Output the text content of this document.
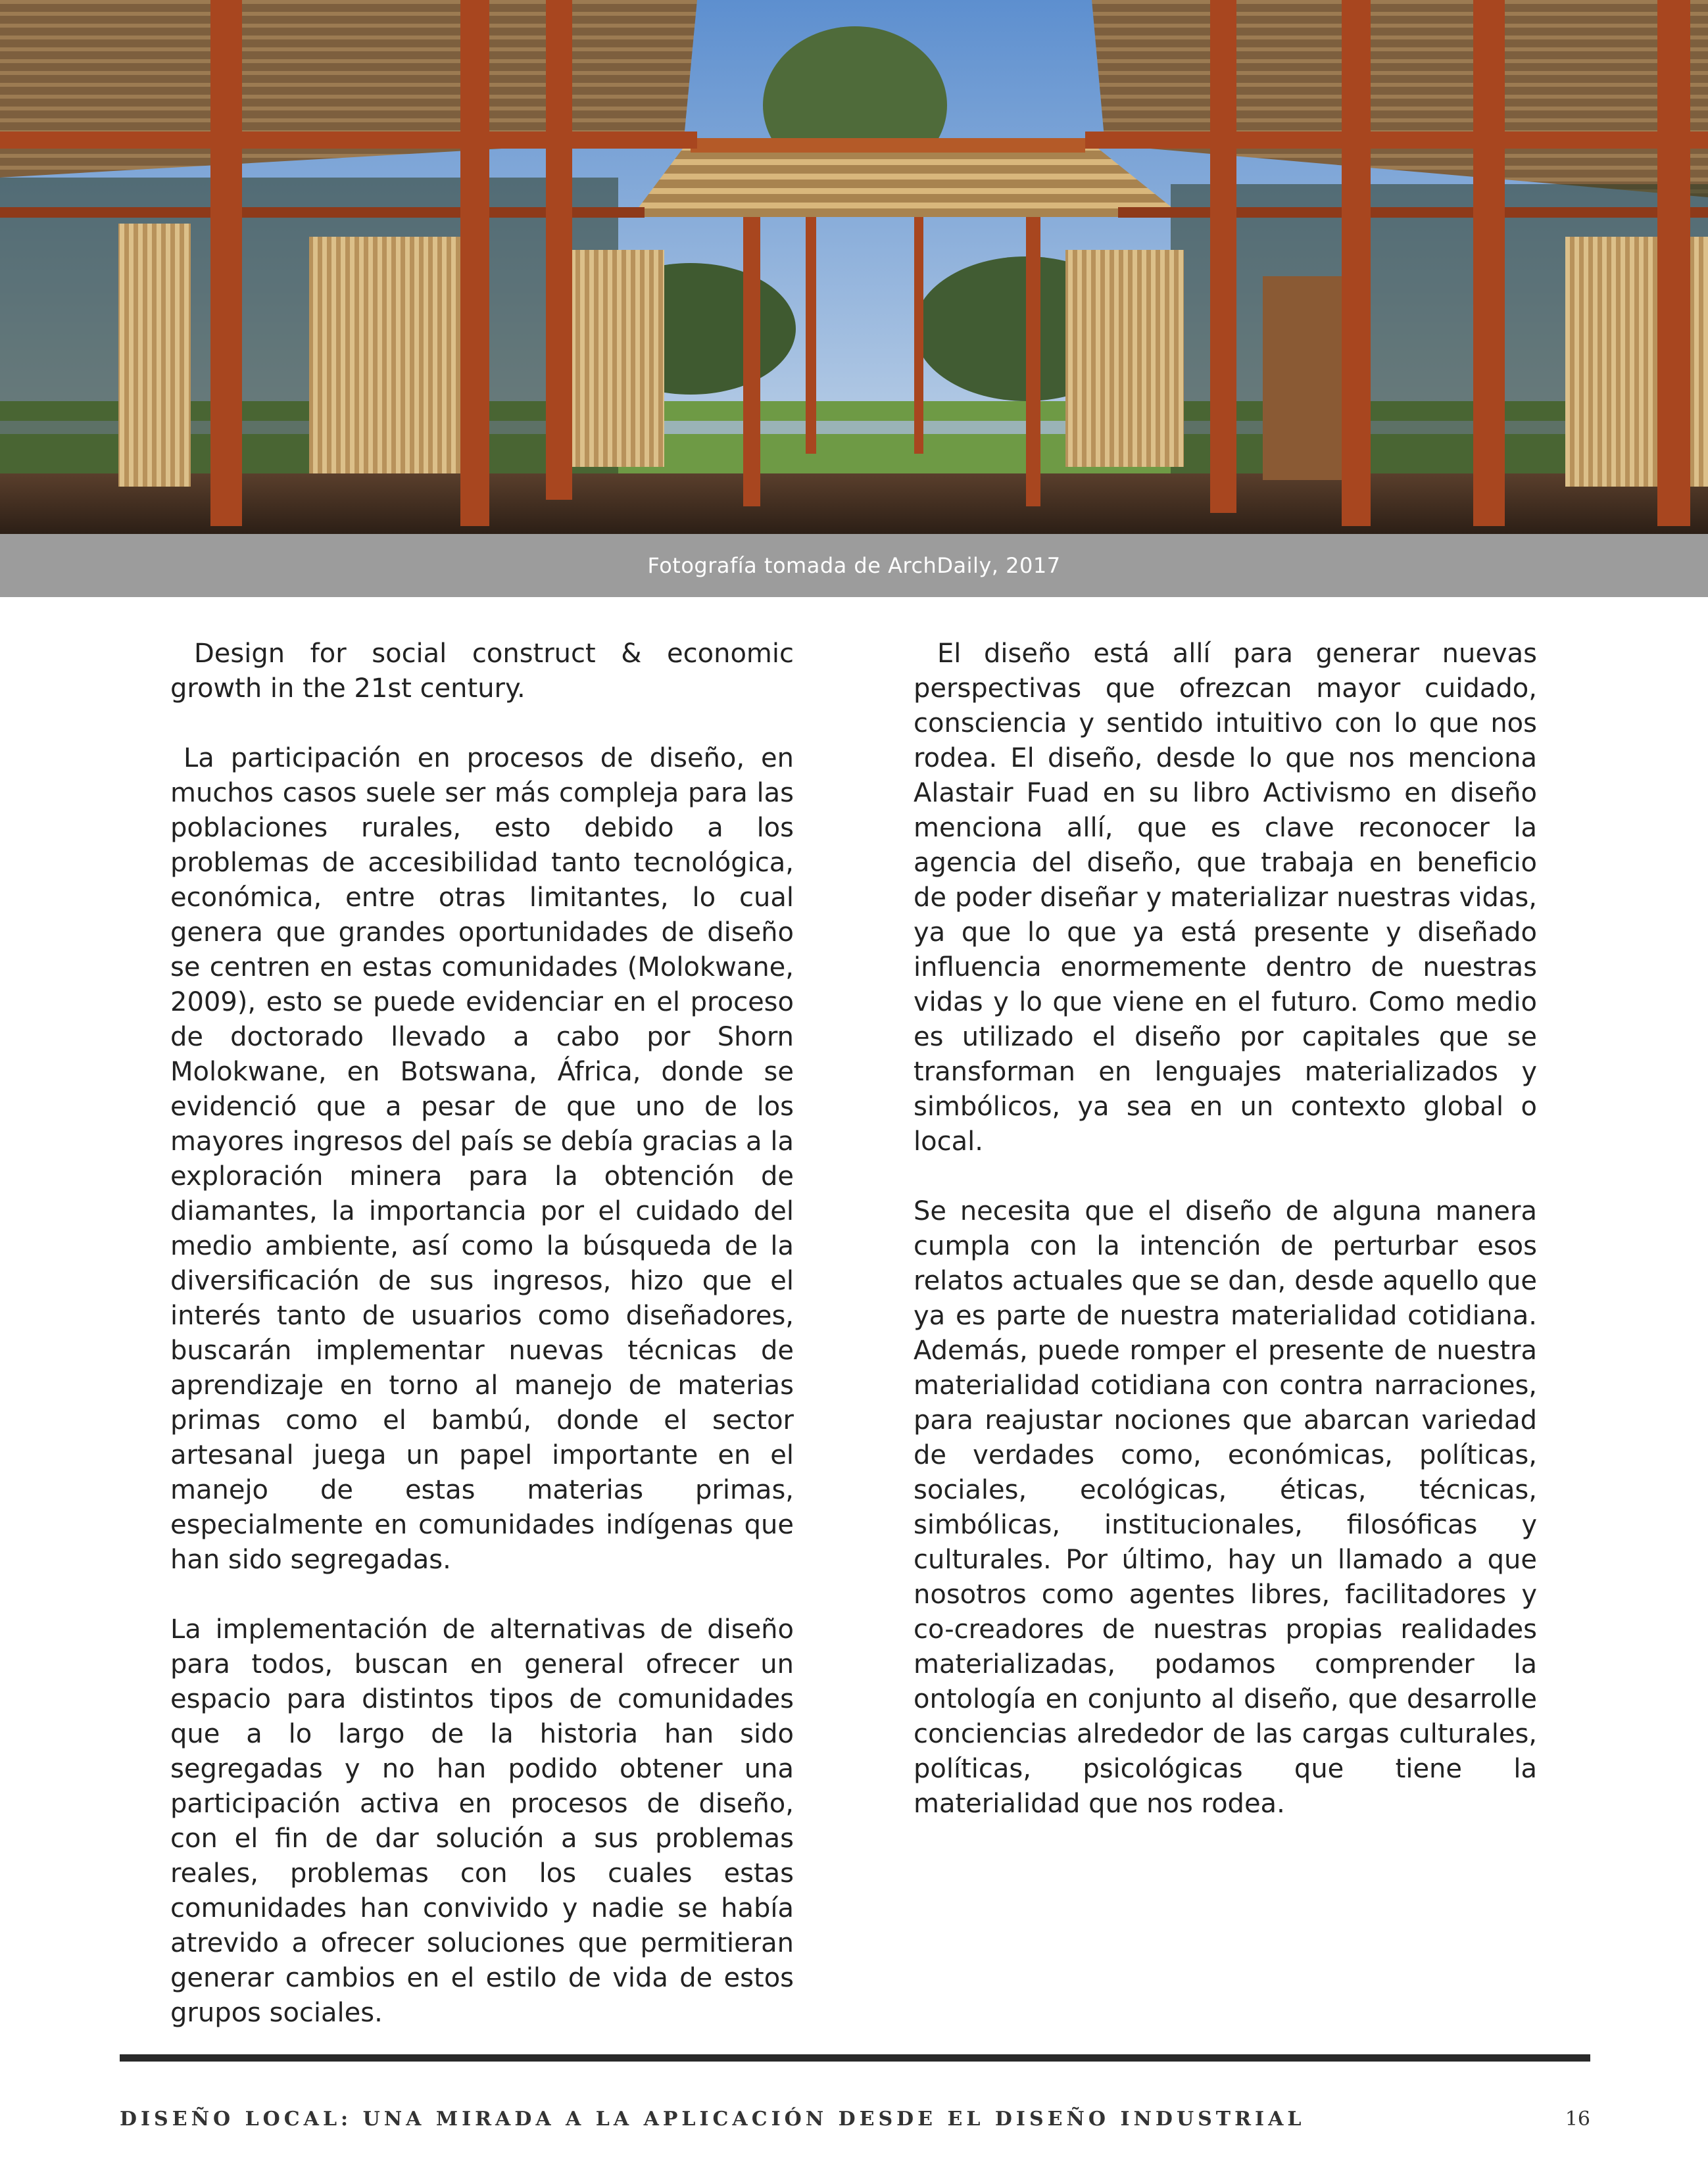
Fotografía tomada de ArchDaily, 2017

Design for social construct & economic growth in the 21st century.

La participación en procesos de diseño, en muchos casos suele ser más compleja para las poblaciones rurales, esto debido a los problemas de accesibilidad tanto tecnológica, económica, entre otras limitantes, lo cual genera que grandes oportunidades de diseño se centren en estas comunidades (Molokwane, 2009), esto se puede evidenciar en el proceso de doctorado llevado a cabo por Shorn Molokwane, en Botswana, África, donde se evidenció que a pesar de que uno de los mayores ingresos del país se debía gracias a la exploración minera para la obtención de diamantes, la importancia por el cuidado del medio ambiente, así como la búsqueda de la diversificación de sus ingresos, hizo que el interés tanto de usuarios como diseñadores, buscarán implementar nuevas técnicas de aprendizaje en torno al manejo de materias primas como el bambú, donde el sector artesanal juega un papel importante en el manejo de estas materias primas, especialmente en comunidades indígenas que han sido segregadas.

La implementación de alternativas de diseño para todos, buscan en general ofrecer un espacio para distintos tipos de comunidades que a lo largo de la historia han sido segregadas y no han podido obtener una participación activa en procesos de diseño, con el fin de dar solución a sus problemas reales, problemas con los cuales estas comunidades han convivido y nadie se había atrevido a ofrecer soluciones que permitieran generar cambios en el estilo de vida de estos grupos sociales.

El diseño está allí para generar nuevas perspectivas que ofrezcan mayor cuidado, consciencia y sentido intuitivo con lo que nos rodea. El diseño, desde lo que nos menciona Alastair Fuad en su libro Activismo en diseño menciona allí, que es clave reconocer la agencia del diseño, que trabaja en beneficio de poder diseñar y materializar nuestras vidas, ya que lo que ya está presente y diseñado influencia enormemente dentro de nuestras vidas y lo que viene en el futuro. Como medio es utilizado el diseño por capitales que se transforman en lenguajes materializados y simbólicos, ya sea en un contexto global o local.

Se necesita que el diseño de alguna manera cumpla con la intención de perturbar esos relatos actuales que se dan, desde aquello que ya es parte de nuestra materialidad cotidiana. Además, puede romper el presente de nuestra materialidad cotidiana con contra narraciones, para reajustar nociones que abarcan variedad de verdades como, económicas, políticas, sociales, ecológicas, éticas, técnicas, simbólicas, institucionales, filosóficas y culturales. Por último, hay un llamado a que nosotros como agentes libres, facilitadores y co-creadores de nuestras propias realidades materializadas, podamos comprender la ontología en conjunto al diseño, que desarrolle conciencias alrededor de las cargas culturales, políticas, psicológicas que tiene la materialidad que nos rodea.

DISEÑO LOCAL: UNA MIRADA A LA APLICACIÓN DESDE EL DISEÑO INDUSTRIAL	16
